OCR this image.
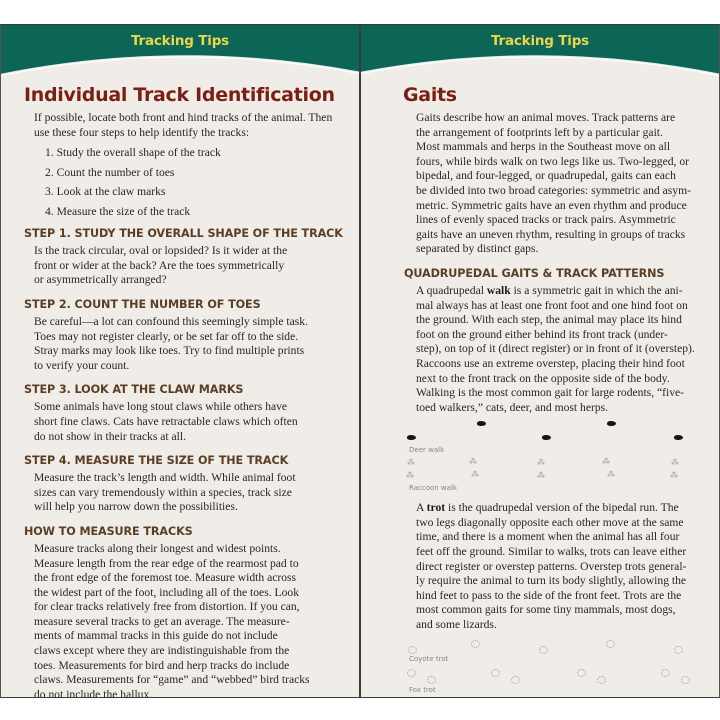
Tracking Tips
Individual Track Identification

If possible, locate both front and hind tracks of the animal. Then use these four steps to help identify the tracks:

1. Study the overall shape of the track
2. Count the number of toes
3. Look at the claw marks
4. Measure the size of the track
STEP 1. STUDY THE OVERALL SHAPE OF THE TRACK

Is the track circular, oval or lopsided? Is it wider at the
front or wider at the back? Are the toes symmetrically
or asymmetrically arranged?

STEP 2. COUNT THE NUMBER OF TOES

Be careful—a lot can confound this seemingly simple task.
Toes may not register clearly, or be set far off to the side.
Stray marks may look like toes. Try to find multiple prints
to verify your count.

STEP 3. LOOK AT THE CLAW MARKS

Some animals have long stout claws while others have
short fine claws. Cats have retractable claws which often
do not show in their tracks at all.

STEP 4. MEASURE THE SIZE OF THE TRACK

Measure the track’s length and width. While animal foot
sizes can vary tremendously within a species, track size
will help you narrow down the possibilities.

HOW TO MEASURE TRACKS

Measure tracks along their longest and widest points.
Measure length from the rear edge of the rearmost pad to
the front edge of the foremost toe. Measure width across
the widest part of the foot, including all of the toes. Look
for clear tracks relatively free from distortion. If you can,
measure several tracks to get an average. The measure-
ments of mammal tracks in this guide do not include
claws except where they are indistinguishable from the
toes. Measurements for bird and herp tracks do include
claws. Measurements for “game” and “webbed” bird tracks
do not include the hallux.

Tracking Tips
Gaits

Gaits describe how an animal moves. Track patterns are
the arrangement of footprints left by a particular gait.
Most mammals and herps in the Southeast move on all
fours, while birds walk on two legs like us. Two-legged, or
bipedal, and four-legged, or quadrupedal, gaits can each
be divided into two broad categories: symmetric and asym-
metric. Symmetric gaits have an even rhythm and produce
lines of evenly spaced tracks or track pairs. Asymmetric
gaits have an uneven rhythm, resulting in groups of tracks
separated by distinct gaps.

QUADRUPEDAL GAITS & TRACK PATTERNS

A quadrupedal walk is a symmetric gait in which the ani-
mal always has at least one front foot and one hind foot on
the ground. With each step, the animal may place its hind
foot on the ground either behind its front track (under-
step), on top of it (direct register) or in front of it (overstep).
Raccoons use an extreme overstep, placing their hind foot
next to the front track on the opposite side of the body.
Walking is the most common gait for large rodents, “five-
toed walkers,” cats, deer, and most herps.

Deer walk
⁂	⁂	⁂	⁂	⁂
⁂	⁂	⁂	⁂	⁂
Raccoon walk

A trot is the quadrupedal version of the bipedal run. The
two legs diagonally opposite each other move at the same
time, and there is a moment when the animal has all four
feet off the ground. Similar to walks, trots can leave either
direct register or overstep patterns. Overstep trots general-
ly require the animal to turn its body slightly, allowing the
hind feet to pass to the side of the front feet. Trots are the
most common gaits for some tiny mammals, most dogs,
and some lizards.

Coyote trot
Fox trot
